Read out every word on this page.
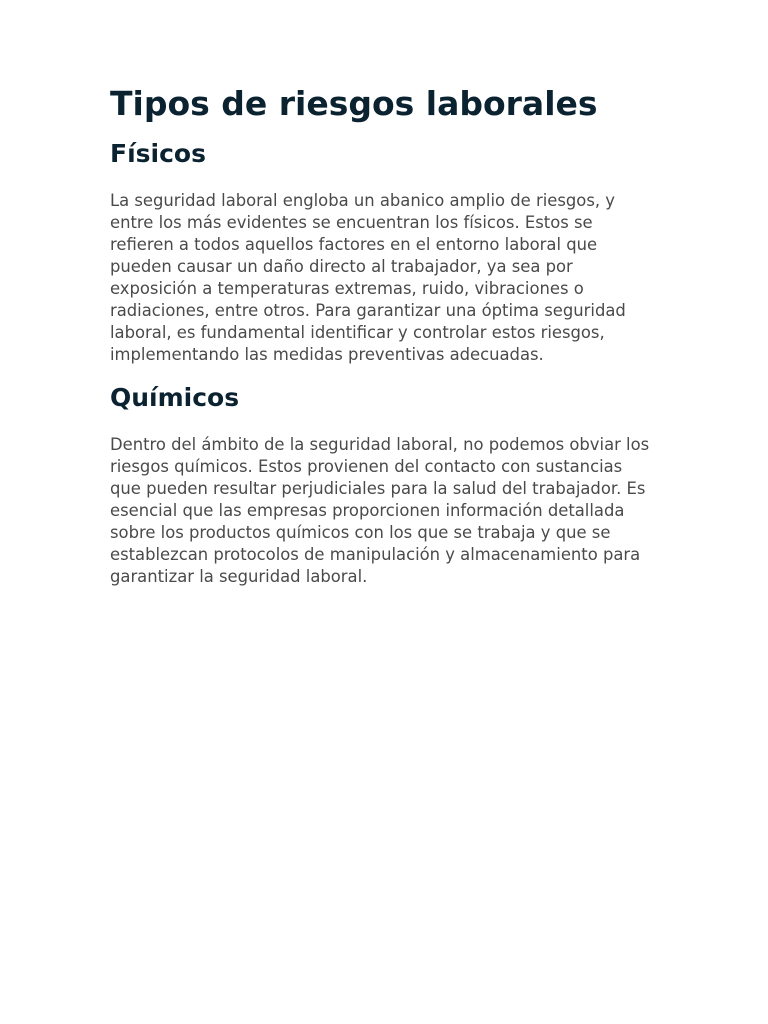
Tipos de riesgos laborales
Físicos

La seguridad laboral engloba un abanico amplio de riesgos, y entre los más evidentes se encuentran los físicos. Estos se refieren a todos aquellos factores en el entorno laboral que pueden causar un daño directo al trabajador, ya sea por exposición a temperaturas extremas, ruido, vibraciones o radiaciones, entre otros. Para garantizar una óptima seguridad laboral, es fundamental identificar y controlar estos riesgos, implementando las medidas preventivas adecuadas.

Químicos

Dentro del ámbito de la seguridad laboral, no podemos obviar los riesgos químicos. Estos provienen del contacto con sustancias que pueden resultar perjudiciales para la salud del trabajador. Es esencial que las empresas proporcionen información detallada sobre los productos químicos con los que se trabaja y que se establezcan protocolos de manipulación y almacenamiento para garantizar la seguridad laboral.
